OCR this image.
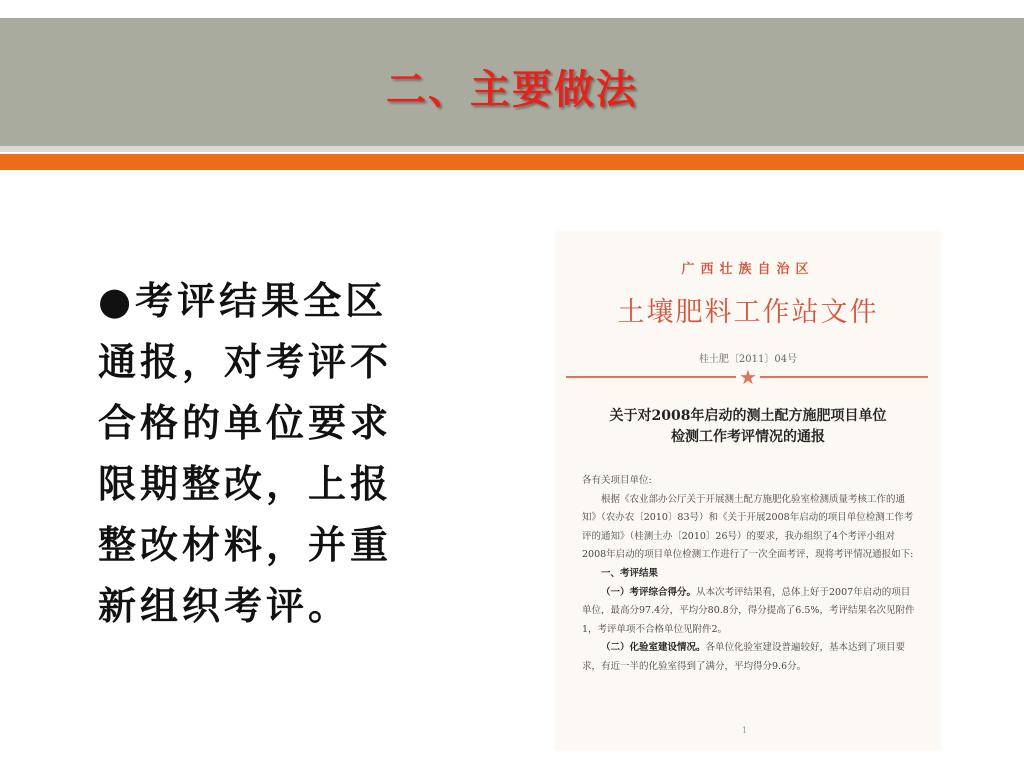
二、主要做法
●考评结果全区通报，对考评不合格的单位要求限期整改，上报整改材料，并重新组织考评。
广西壮族自治区
土壤肥料工作站文件
桂土肥〔2011〕04号
★
关于对2008年启动的测土配方施肥项目单位
检测工作考评情况的通报

各有关项目单位:

根据《农业部办公厅关于开展测土配方施肥化验室检测质量考核工作的通知》（农办农〔2010〕83号）和《关于开展2008年启动的项目单位检测工作考评的通知》（桂测土办〔2010〕26号）的要求，我办组织了4个考评小组对2008年启动的项目单位检测工作进行了一次全面考评，现将考评情况通报如下:

一、考评结果

（一）考评综合得分。从本次考评结果看，总体上好于2007年启动的项目单位，最高分97.4分，平均分80.8分，得分提高了6.5%，考评结果名次见附件1，考评单项不合格单位见附件2。

（二）化验室建设情况。各单位化验室建设普遍较好，基本达到了项目要求，有近一半的化验室得到了满分，平均得分9.6分。

1
